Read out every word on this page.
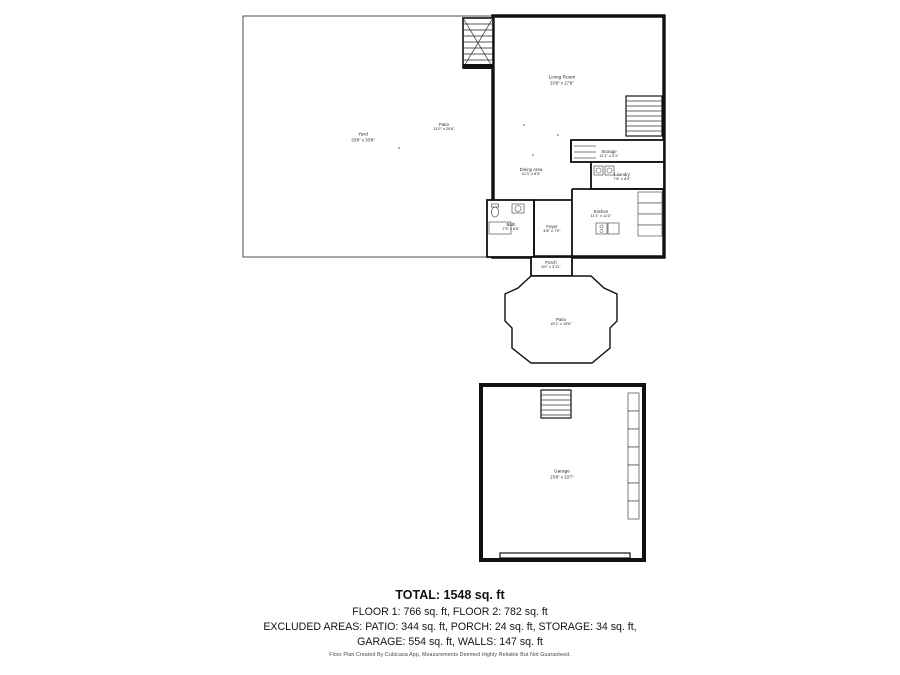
Yard
33'8" x 33'8"
Patio
11'0" x 25'8"
Living Room
23'8" x 17'8"
Storage
11'1" x 3'1"
Laundry
7'6" x 8'4"
Dining Area
12'3" x 8'5"
Kitchen
11'1" x 11'3"
Bath
7'3" x 6'6"
Foyer
4'8" x 7'0"
Porch
6'0" x 3'11"
Patio
15'1" x 15'6"
Garage
23'6" x 23'7"
TOTAL: 1548 sq. ft
FLOOR 1: 766 sq. ft, FLOOR 2: 782 sq. ft
EXCLUDED AREAS: PATIO: 344 sq. ft, PORCH: 24 sq. ft, STORAGE: 34 sq. ft,
GARAGE: 554 sq. ft, WALLS: 147 sq. ft
Floor Plan Created By Cubicasa App, Measurements Deemed Highly Reliable But Not Guaranteed.
